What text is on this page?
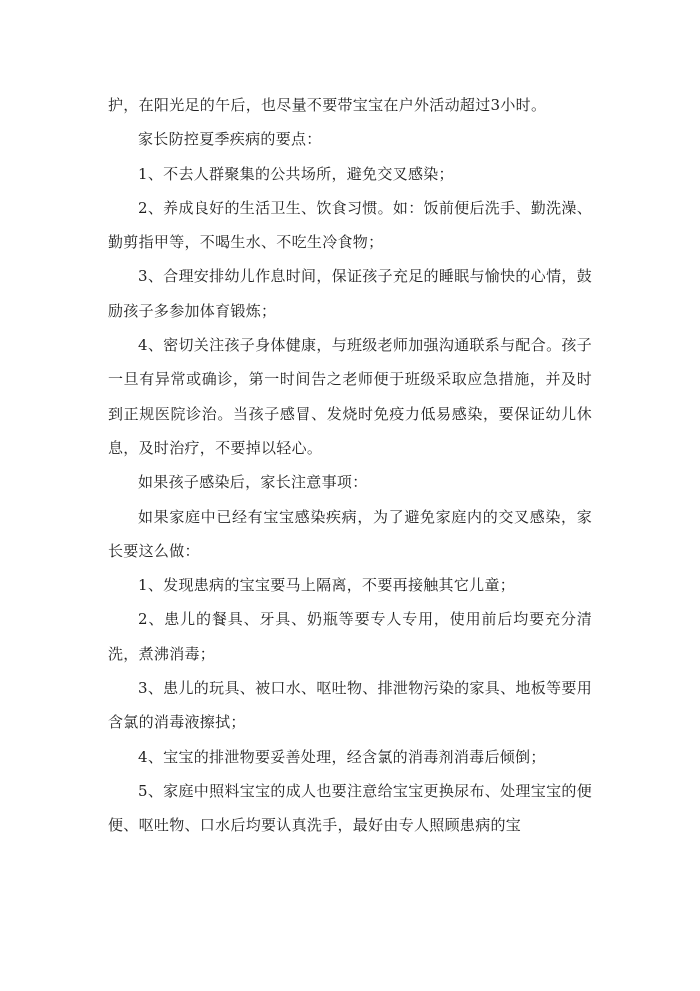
护，在阳光足的午后，也尽量不要带宝宝在户外活动超过3小时。

家长防控夏季疾病的要点：

1、不去人群聚集的公共场所，避免交叉感染；

2、养成良好的生活卫生、饮食习惯。如：饭前便后洗手、勤洗澡、勤剪指甲等，不喝生水、不吃生冷食物；

3、合理安排幼儿作息时间，保证孩子充足的睡眠与愉快的心情，鼓励孩子多参加体育锻炼；

4、密切关注孩子身体健康，与班级老师加强沟通联系与配合。孩子一旦有异常或确诊，第一时间告之老师便于班级采取应急措施，并及时到正规医院诊治。当孩子感冒、发烧时免疫力低易感染，要保证幼儿休息，及时治疗，不要掉以轻心。

如果孩子感染后，家长注意事项：

如果家庭中已经有宝宝感染疾病，为了避免家庭内的交叉感染，家长要这么做：

1、发现患病的宝宝要马上隔离，不要再接触其它儿童；

2、患儿的餐具、牙具、奶瓶等要专人专用，使用前后均要充分清洗，煮沸消毒；

3、患儿的玩具、被口水、呕吐物、排泄物污染的家具、地板等要用含氯的消毒液擦拭；

4、宝宝的排泄物要妥善处理，经含氯的消毒剂消毒后倾倒；

5、家庭中照料宝宝的成人也要注意给宝宝更换尿布、处理宝宝的便便、呕吐物、口水后均要认真洗手，最好由专人照顾患病的宝
